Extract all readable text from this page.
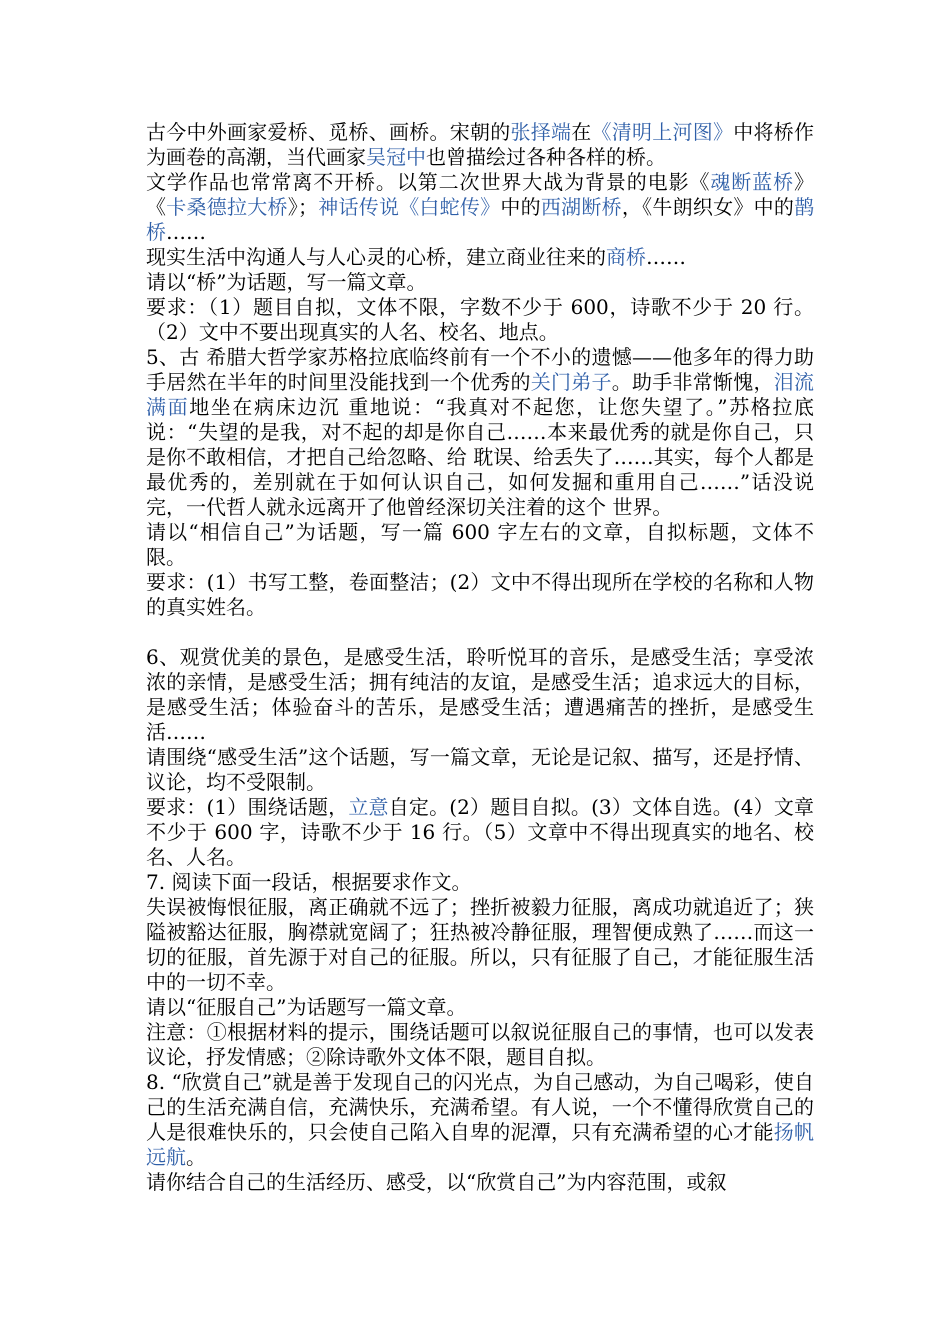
古今中外画家爱桥、觅桥、画桥。宋朝的张择端在《清明上河图》中将桥作为画卷的高潮，当代画家吴冠中也曾描绘过各种各样的桥。

文学作品也常常离不开桥。以第二次世界大战为背景的电影《魂断蓝桥》《卡桑德拉大桥》；神话传说《白蛇传》中的西湖断桥，《牛朗织女》中的鹊桥……

现实生活中沟通人与人心灵的心桥，建立商业往来的商桥……

请以“桥”为话题，写一篇文章。

要求：（1）题目自拟，文体不限，字数不少于 600，诗歌不少于 20 行。（2）文中不要出现真实的人名、校名、地点。

5、古 希腊大哲学家苏格拉底临终前有一个不小的遗憾——他多年的得力助手居然在半年的时间里没能找到一个优秀的关门弟子。助手非常惭愧，泪流满面地坐在病床边沉 重地说：“我真对不起您，让您失望了。”苏格拉底说：“失望的是我，对不起的却是你自己……本来最优秀的就是你自己，只是你不敢相信，才把自己给忽略、给 耽误、给丢失了……其实，每个人都是最优秀的，差别就在于如何认识自己，如何发掘和重用自己……”话没说完，一代哲人就永远离开了他曾经深切关注着的这个 世界。

请以“相信自己”为话题，写一篇 600 字左右的文章，自拟标题，文体不限。

要求：(1）书写工整，卷面整洁；(2）文中不得出现所在学校的名称和人物的真实姓名。

6、观赏优美的景色，是感受生活，聆听悦耳的音乐，是感受生活；享受浓浓的亲情，是感受生活；拥有纯洁的友谊，是感受生活；追求远大的目标，是感受生活；体验奋斗的苦乐，是感受生活；遭遇痛苦的挫折，是感受生活……

请围绕“感受生活”这个话题，写一篇文章，无论是记叙、描写，还是抒情、议论，均不受限制。

要求：(1）围绕话题，立意自定。(2）题目自拟。(3）文体自选。(4）文章不少于 600 字，诗歌不少于 16 行。（5）文章中不得出现真实的地名、校名、人名。

7. 阅读下面一段话，根据要求作文。

失误被悔恨征服，离正确就不远了；挫折被毅力征服，离成功就追近了；狭隘被豁达征服，胸襟就宽阔了；狂热被冷静征服，理智便成熟了……而这一切的征服，首先源于对自己的征服。所以，只有征服了自己，才能征服生活中的一切不幸。

请以“征服自己”为话题写一篇文章。

注意：①根据材料的提示，围绕话题可以叙说征服自己的事情，也可以发表议论，抒发情感；②除诗歌外文体不限，题目自拟。

8. “欣赏自己”就是善于发现自己的闪光点，为自己感动，为自己喝彩，使自己的生活充满自信，充满快乐，充满希望。有人说，一个不懂得欣赏自己的人是很难快乐的，只会使自己陷入自卑的泥潭，只有充满希望的心才能扬帆远航。

请你结合自己的生活经历、感受，以“欣赏自己”为内容范围，或叙
